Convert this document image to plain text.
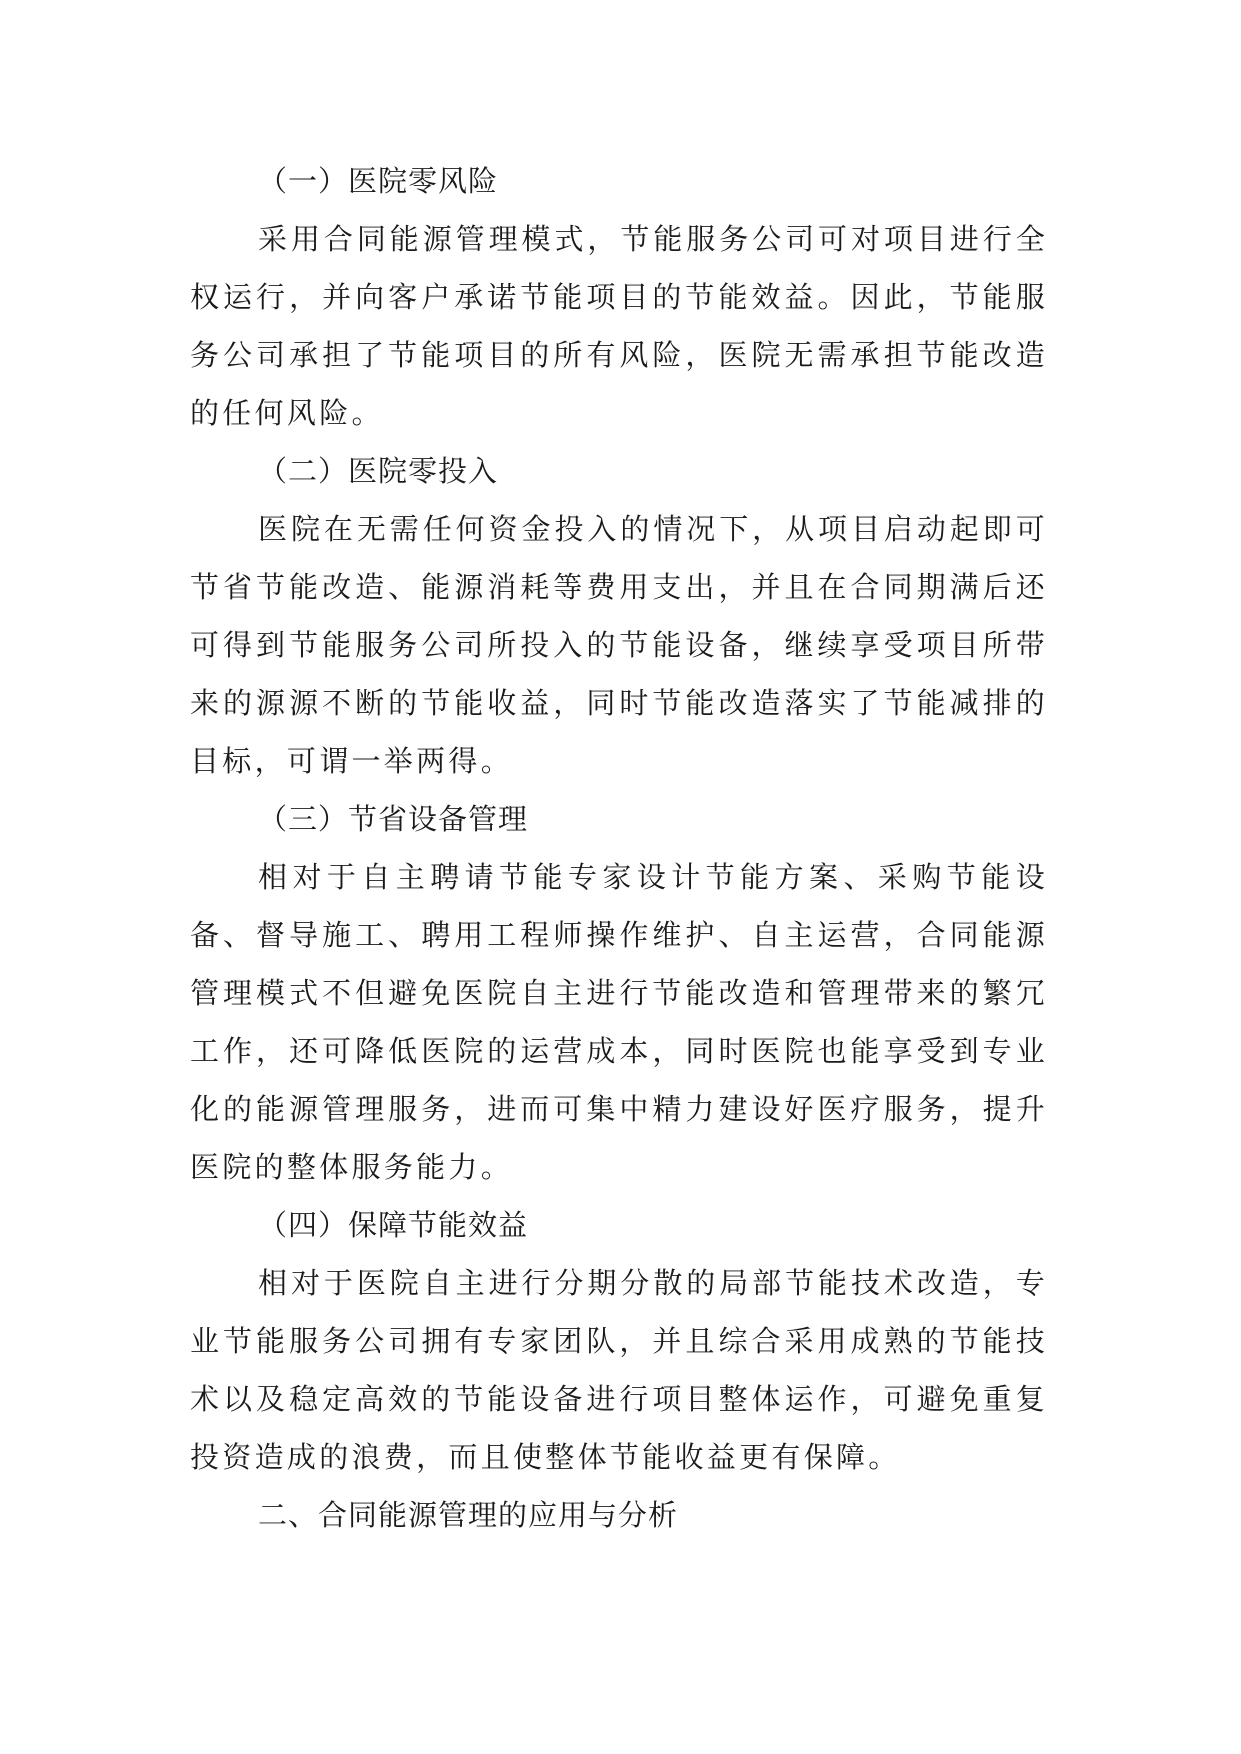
（一）医院零风险

采用合同能源管理模式，节能服务公司可对项目进行全权运行，并向客户承诺节能项目的节能效益。因此，节能服务公司承担了节能项目的所有风险，医院无需承担节能改造的任何风险。

（二）医院零投入

医院在无需任何资金投入的情况下，从项目启动起即可节省节能改造、能源消耗等费用支出，并且在合同期满后还可得到节能服务公司所投入的节能设备，继续享受项目所带来的源源不断的节能收益，同时节能改造落实了节能减排的目标，可谓一举两得。

（三）节省设备管理

相对于自主聘请节能专家设计节能方案、采购节能设备、督导施工、聘用工程师操作维护、自主运营，合同能源管理模式不但避免医院自主进行节能改造和管理带来的繁冗工作，还可降低医院的运营成本，同时医院也能享受到专业化的能源管理服务，进而可集中精力建设好医疗服务，提升医院的整体服务能力。

（四）保障节能效益

相对于医院自主进行分期分散的局部节能技术改造，专业节能服务公司拥有专家团队，并且综合采用成熟的节能技术以及稳定高效的节能设备进行项目整体运作，可避免重复投资造成的浪费，而且使整体节能收益更有保障。

二、合同能源管理的应用与分析
